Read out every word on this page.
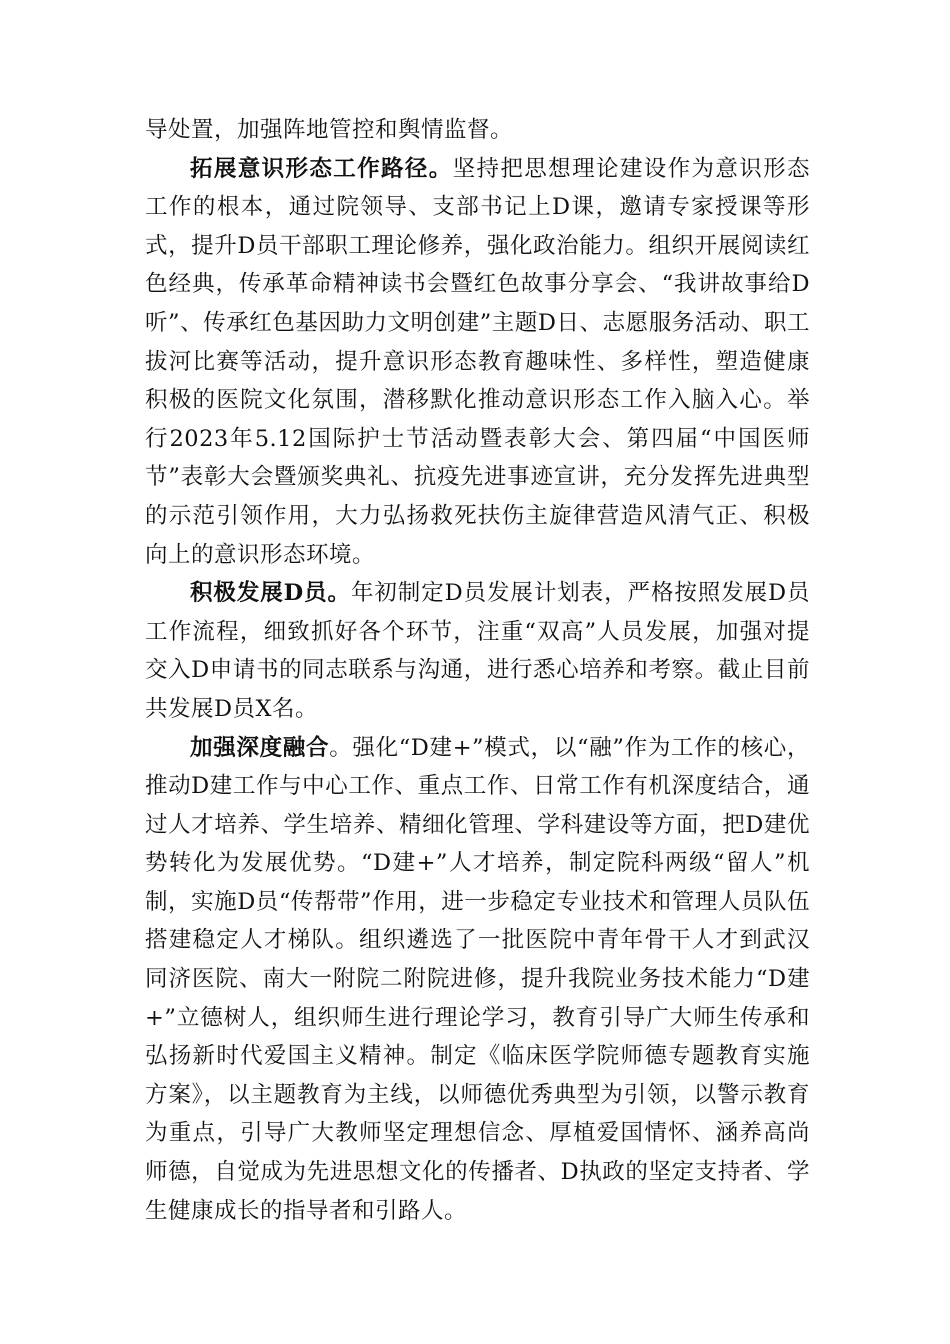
导处置，加强阵地管控和舆情监督。

拓展意识形态工作路径。坚持把思想理论建设作为意识形态工作的根本，通过院领导、支部书记上D课，邀请专家授课等形式，提升D员干部职工理论修养，强化政治能力。组织开展阅读红色经典，传承革命精神读书会暨红色故事分享会、“我讲故事给D听”、传承红色基因助力文明创建”主题D日、志愿服务活动、职工拔河比赛等活动，提升意识形态教育趣味性、多样性，塑造健康积极的医院文化氛围，潜移默化推动意识形态工作入脑入心。举行2023年5.12国际护士节活动暨表彰大会、第四届“中国医师节”表彰大会暨颁奖典礼、抗疫先进事迹宣讲，充分发挥先进典型的示范引领作用，大力弘扬救死扶伤主旋律营造风清气正、积极向上的意识形态环境。

积极发展D员。年初制定D员发展计划表，严格按照发展D员工作流程，细致抓好各个环节，注重“双高”人员发展，加强对提交入D申请书的同志联系与沟通，进行悉心培养和考察。截止目前共发展D员X名。

加强深度融合。强化“D建+”模式，以“融”作为工作的核心，推动D建工作与中心工作、重点工作、日常工作有机深度结合，通过人才培养、学生培养、精细化管理、学科建设等方面，把D建优势转化为发展优势。“D建+”人才培养，制定院科两级“留人”机制，实施D员“传帮带”作用，进一步稳定专业技术和管理人员队伍搭建稳定人才梯队。组织遴选了一批医院中青年骨干人才到武汉同济医院、南大一附院二附院进修，提升我院业务技术能力“D建+”立德树人，组织师生进行理论学习，教育引导广大师生传承和弘扬新时代爱国主义精神。制定《临床医学院师德专题教育实施方案》，以主题教育为主线，以师德优秀典型为引领，以警示教育为重点，引导广大教师坚定理想信念、厚植爱国情怀、涵养高尚师德，自觉成为先进思想文化的传播者、D执政的坚定支持者、学生健康成长的指导者和引路人。
